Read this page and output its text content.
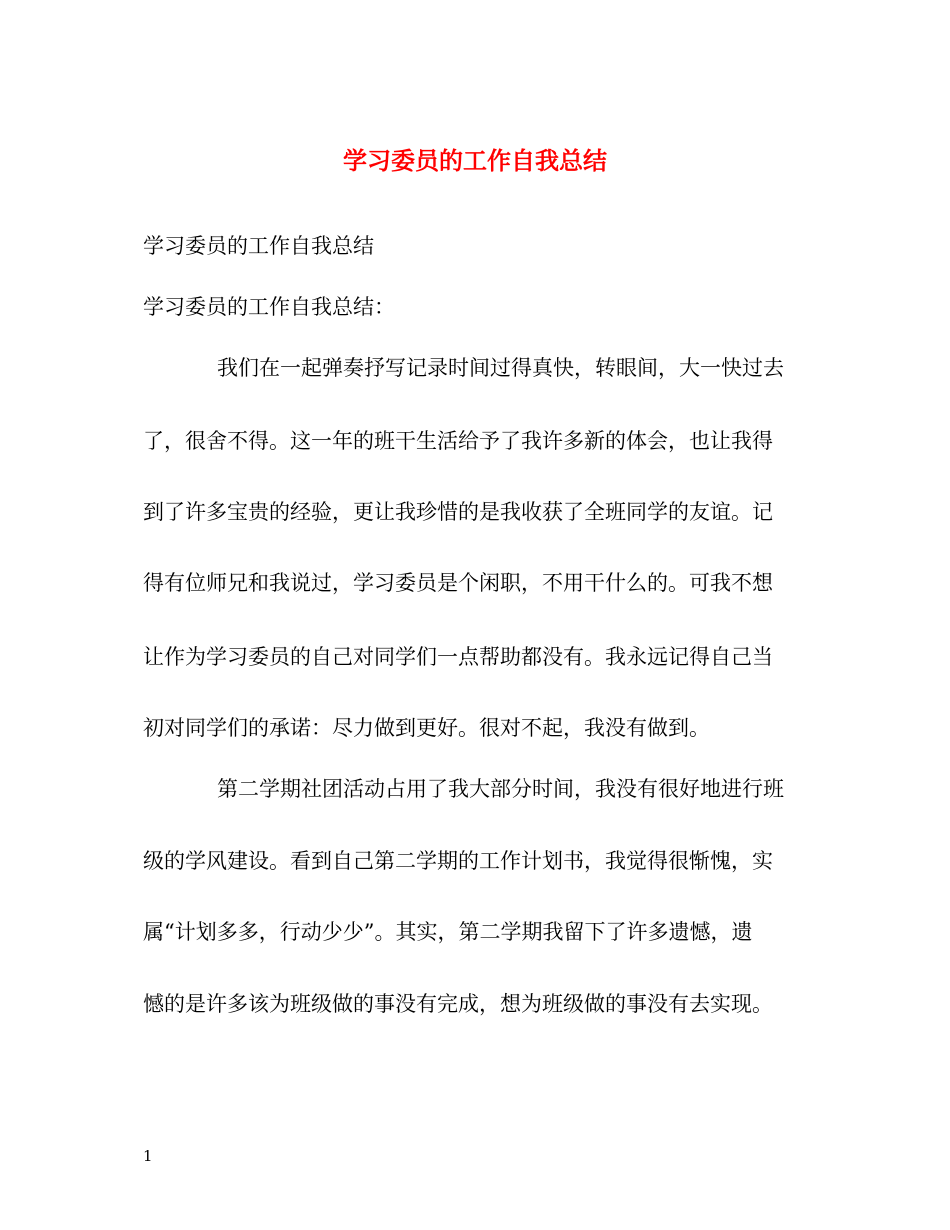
学习委员的工作自我总结
学习委员的工作自我总结
学习委员的工作自我总结：
我们在一起弹奏抒写记录时间过得真快，转眼间，大一快过去
了，很舍不得。这一年的班干生活给予了我许多新的体会，也让我得
到了许多宝贵的经验，更让我珍惜的是我收获了全班同学的友谊。记
得有位师兄和我说过，学习委员是个闲职，不用干什么的。可我不想
让作为学习委员的自己对同学们一点帮助都没有。我永远记得自己当
初对同学们的承诺：尽力做到更好。很对不起，我没有做到。
第二学期社团活动占用了我大部分时间，我没有很好地进行班
级的学风建设。看到自己第二学期的工作计划书，我觉得很惭愧，实
属“计划多多，行动少少”。其实，第二学期我留下了许多遗憾，遗
憾的是许多该为班级做的事没有完成，想为班级做的事没有去实现。
1
